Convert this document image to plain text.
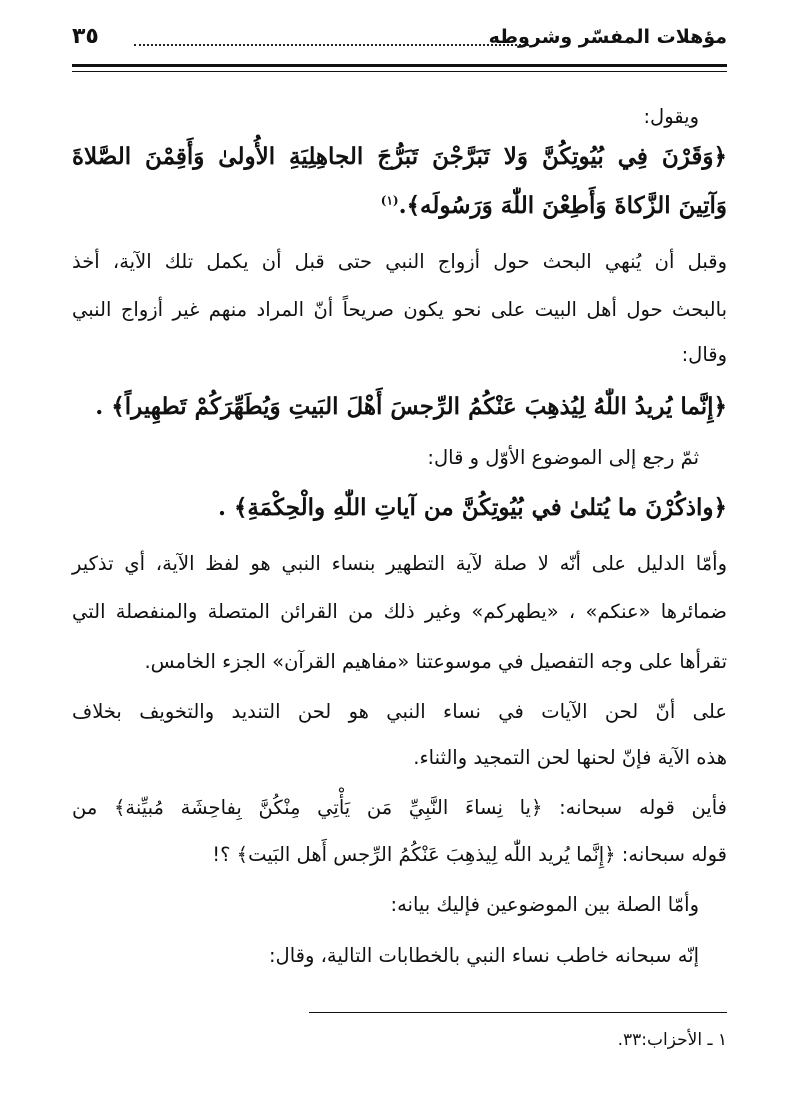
مؤهلات المفسّر وشروطه
٣٥
ويقول:
﴿وَقَرْنَ فِي بُيُوتِكُنَّ وَلا تَبَرَّجْنَ تَبَرُّجَ الجاهِلِيَةِ الأُولىٰ وَأَقِمْنَ الصَّلاةَ
وَآتِينَ الزَّكاةَ وَأَطِعْنَ اللّٰهَ وَرَسُولَه﴾.$^{(١)}$
وقبل أن يُنهي البحث حول أزواج النبي حتى قبل أن يكمل تلك الآية، أخذ
بالبحث حول أهل البيت على نحو يكون صريحاً أنّ المراد منهم غير أزواج النبي
وقال:
﴿إِنَّما يُريدُ اللّٰهُ لِيُذهِبَ عَنْكُمُ الرِّجسَ أَهْلَ البَيتِ وَيُطَهِّرَكُمْ تَطهِيراً﴾ .
ثمّ رجع إلى الموضوع الأوّل و قال:
﴿واذكُرْنَ ما يُتلىٰ في بُيُوتِكُنَّ من آياتِ اللّٰهِ والْحِكْمَةِ﴾ .
وأمّا الدليل على أنّه لا صلة لآية التطهير بنساء النبي هو لفظ الآية، أي تذكير
ضمائرها «عنكم» ، «يطهركم» وغير ذلك من القرائن المتصلة والمنفصلة التي
تقرأها على وجه التفصيل في موسوعتنا «مفاهيم القرآن» الجزء الخامس.
على أنّ لحن الآيات في نساء النبي هو لحن التنديد والتخويف بخلاف
هذه الآية فإنّ لحنها لحن التمجيد والثناء.
فأين قوله سبحانه: ﴿يا نِساءَ النَّبِيِّ مَن يَأْتِي مِنْكُنَّ بِفاحِشَة مُبيِّنة﴾ من
قوله سبحانه: ﴿إِنَّما يُريد اللّٰه لِيذهِبَ عَنْكُمُ الرِّجس أَهل البَيت﴾ ؟!
وأمّا الصلة بين الموضوعين فإليك بيانه:
إنّه سبحانه خاطب نساء النبي بالخطابات التالية، وقال:
١ ـ الأحزاب:٣٣.
